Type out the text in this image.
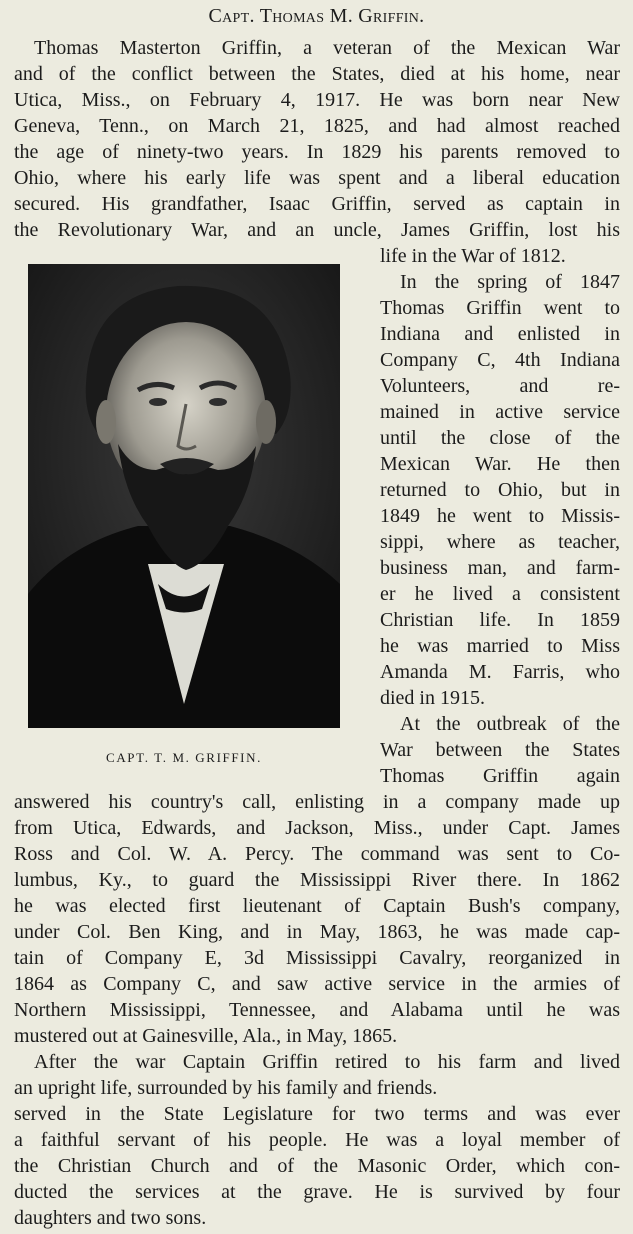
Capt. Thomas M. Griffin.
CAPT. T. M. GRIFFIN.
Thomas Masterton Griffin, a veteran of the Mexican War
and of the conflict between the States, died at his home, near
Utica, Miss., on February 4, 1917. He was born near New
Geneva, Tenn., on March 21, 1825, and had almost reached
the age of ninety-two years. In 1829 his parents removed to
Ohio, where his early life was spent and a liberal education
secured. His grandfather, Isaac Griffin, served as captain in
the Revolutionary War, and an uncle, James Griffin, lost his
life in the War of 1812.
In the spring of 1847
Thomas Griffin went to
Indiana and enlisted in
Company C, 4th Indiana
Volunteers, and re-
mained in active service
until the close of the
Mexican War. He then
returned to Ohio, but in
1849 he went to Missis-
sippi, where as teacher,
business man, and farm-
er he lived a consistent
Christian life. In 1859
he was married to Miss
Amanda M. Farris, who
died in 1915.
At the outbreak of the
War between the States
Thomas Griffin again
answered his country's call, enlisting in a company made up
from Utica, Edwards, and Jackson, Miss., under Capt. James
Ross and Col. W. A. Percy. The command was sent to Co-
lumbus, Ky., to guard the Mississippi River there. In 1862
he was elected first lieutenant of Captain Bush's company,
under Col. Ben King, and in May, 1863, he was made cap-
tain of Company E, 3d Mississippi Cavalry, reorganized in
1864 as Company C, and saw active service in the armies of
Northern Mississippi, Tennessee, and Alabama until he was
mustered out at Gainesville, Ala., in May, 1865.
After the war Captain Griffin retired to his farm and lived
an upright life, surrounded by his family and friends.
served in the State Legislature for two terms and was ever
a faithful servant of his people. He was a loyal member of
the Christian Church and of the Masonic Order, which con-
ducted the services at the grave. He is survived by four
daughters and two sons.
